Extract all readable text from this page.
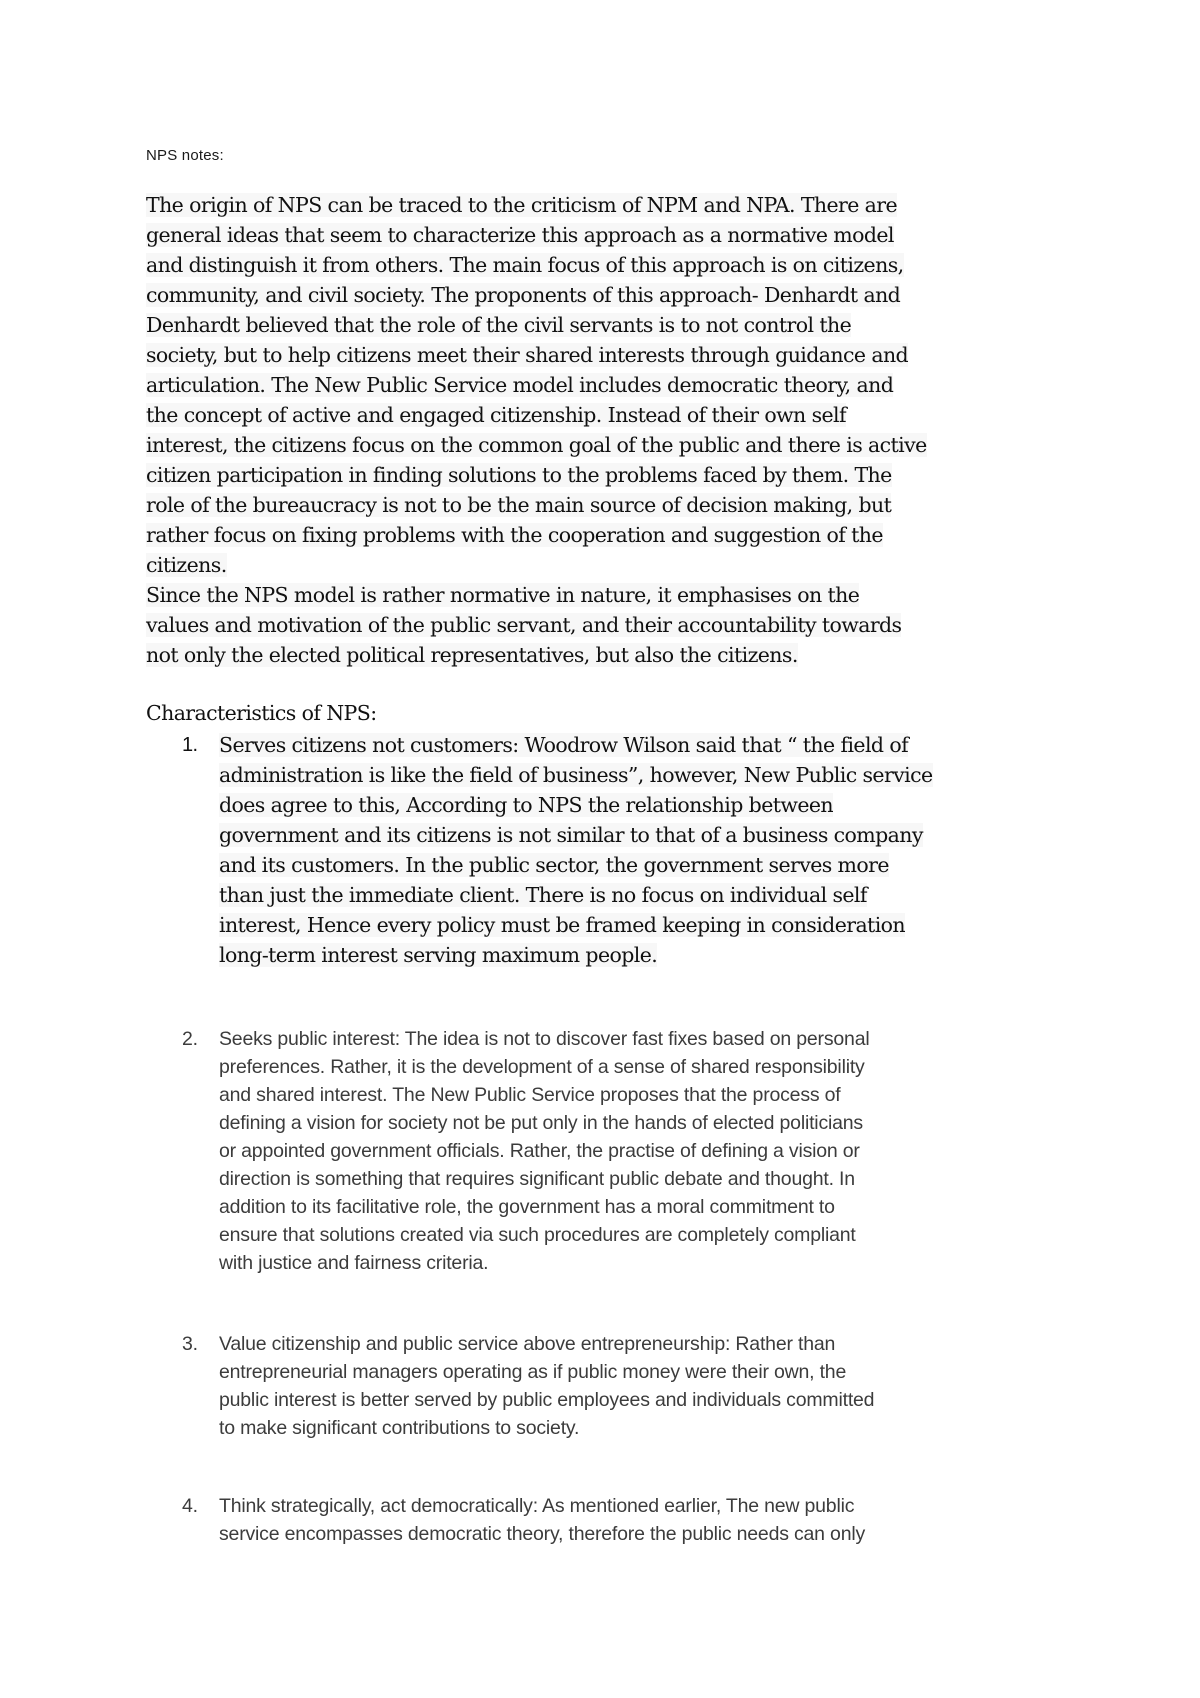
NPS notes:
The origin of NPS can be traced to the criticism of NPM and NPA. There are
general ideas that seem to characterize this approach as a normative model
and distinguish it from others. The main focus of this approach is on citizens,
community, and civil society. The proponents of this approach- Denhardt and
Denhardt believed that the role of the civil servants is to not control the
society, but to help citizens meet their shared interests through guidance and
articulation. The New Public Service model includes democratic theory, and
the concept of active and engaged citizenship. Instead of their own self
interest, the citizens focus on the common goal of the public and there is active
citizen participation in finding solutions to the problems faced by them. The
role of the bureaucracy is not to be the main source of decision making, but
rather focus on fixing problems with the cooperation and suggestion of the
citizens.
Since the NPS model is rather normative in nature, it emphasises on the
values and motivation of the public servant, and their accountability towards
not only the elected political representatives, but also the citizens.
Characteristics of NPS:
1. Serves citizens not customers: Woodrow Wilson said that “ the field of
administration is like the field of business”, however, New Public service
does agree to this, According to NPS the relationship between
government and its citizens is not similar to that of a business company
and its customers. In the public sector, the government serves more
than just the immediate client. There is no focus on individual self
interest, Hence every policy must be framed keeping in consideration
long-term interest serving maximum people.
2. Seeks public interest: The idea is not to discover fast fixes based on personal
preferences. Rather, it is the development of a sense of shared responsibility
and shared interest. The New Public Service proposes that the process of
defining a vision for society not be put only in the hands of elected politicians
or appointed government officials. Rather, the practise of defining a vision or
direction is something that requires significant public debate and thought. In
addition to its facilitative role, the government has a moral commitment to
ensure that solutions created via such procedures are completely compliant
with justice and fairness criteria.
3. Value citizenship and public service above entrepreneurship: Rather than
entrepreneurial managers operating as if public money were their own, the
public interest is better served by public employees and individuals committed
to make significant contributions to society.
4. Think strategically, act democratically: As mentioned earlier, The new public
service encompasses democratic theory, therefore the public needs can only
